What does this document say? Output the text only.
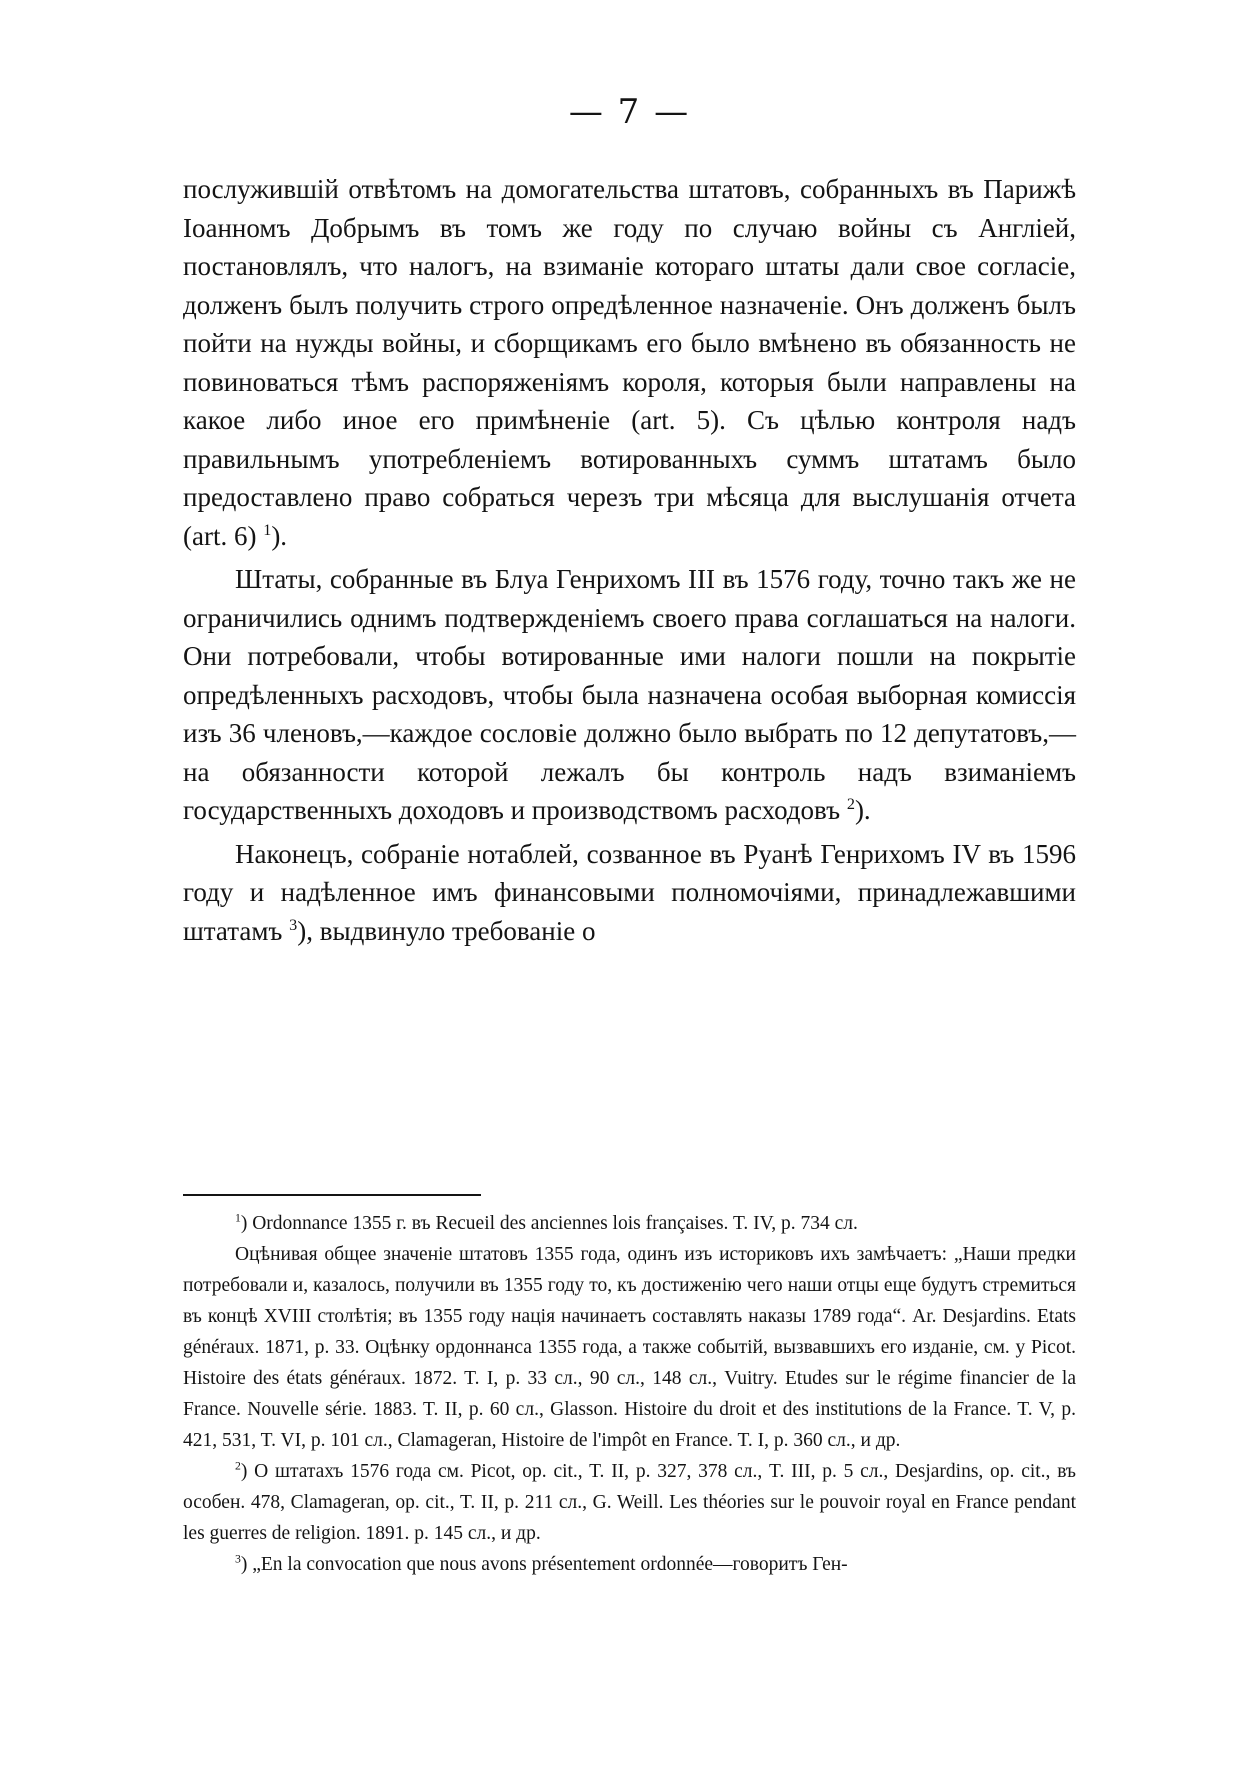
— 7 —

послужившій отвѣтомъ на домогательства штатовъ, собранныхъ въ Парижѣ Іоанномъ Добрымъ въ томъ же году по случаю войны съ Англіей, постановлялъ, что налогъ, на взиманіе котораго штаты дали свое согласіе, долженъ былъ получить строго опредѣленное назначеніе. Онъ долженъ былъ пойти на нужды войны, и сборщикамъ его было вмѣнено въ обязанность не повиноваться тѣмъ распоряженіямъ короля, которыя были направлены на какое либо иное его примѣненіе (art. 5). Съ цѣлью контроля надъ правильнымъ употребленіемъ вотированныхъ суммъ штатамъ было предоставлено право собраться черезъ три мѣсяца для выслушанія отчета (art. 6) $^1$).

Штаты, собранные въ Блуа Генрихомъ III въ 1576 году, точно такъ же не ограничились однимъ подтвержденіемъ своего права соглашаться на налоги. Они потребовали, чтобы вотированные ими налоги пошли на покрытіе опредѣленныхъ расходовъ, чтобы была назначена особая выборная комиссія изъ 36 членовъ,—каждое сословіе должно было выбрать по 12 депутатовъ,—на обязанности которой лежалъ бы контроль надъ взиманіемъ государственныхъ доходовъ и производствомъ расходовъ $^2$).

Наконецъ, собраніе нотаблей, созванное въ Руанѣ Генрихомъ IV въ 1596 году и надѣленное имъ финансовыми полномочіями, принадлежавшими штатамъ $^3$), выдвинуло требованіе о

$^1$) Ordonnance 1355 г. въ Recueil des anciennes lois françaises. T. IV, p. 734 сл.

Оцѣнивая общее значеніе штатовъ 1355 года, одинъ изъ историковъ ихъ замѣчаетъ: „Наши предки потребовали и, казалось, получили въ 1355 году то, къ достиженію чего наши отцы еще будутъ стремиться въ концѣ XVIII столѣтія; въ 1355 году нація начинаетъ составлять наказы 1789 года“. Ar. Desjardins. Etats généraux. 1871, p. 33. Оцѣнку ордоннанса 1355 года, а также событій, вызвавшихъ его изданіе, см. у Picot. Histoire des états généraux. 1872. T. I, p. 33 сл., 90 сл., 148 сл., Vuitry. Etudes sur le régime financier de la France. Nouvelle série. 1883. T. II, p. 60 сл., Glasson. Histoire du droit et des institutions de la France. T. V, p. 421, 531, T. VI, p. 101 сл., Clamageran, Histoire de l'impôt en France. T. I, p. 360 сл., и др.

$^2$) О штатахъ 1576 года см. Picot, op. cit., T. II, p. 327, 378 сл., T. III, p. 5 сл., Desjardins, op. cit., въ особен. 478, Clamageran, op. cit., T. II, p. 211 сл., G. Weill. Les théories sur le pouvoir royal en France pendant les guerres de religion. 1891. p. 145 сл., и др.

$^3$) „En la convocation que nous avons présentement ordonnée—говоритъ Ген-
